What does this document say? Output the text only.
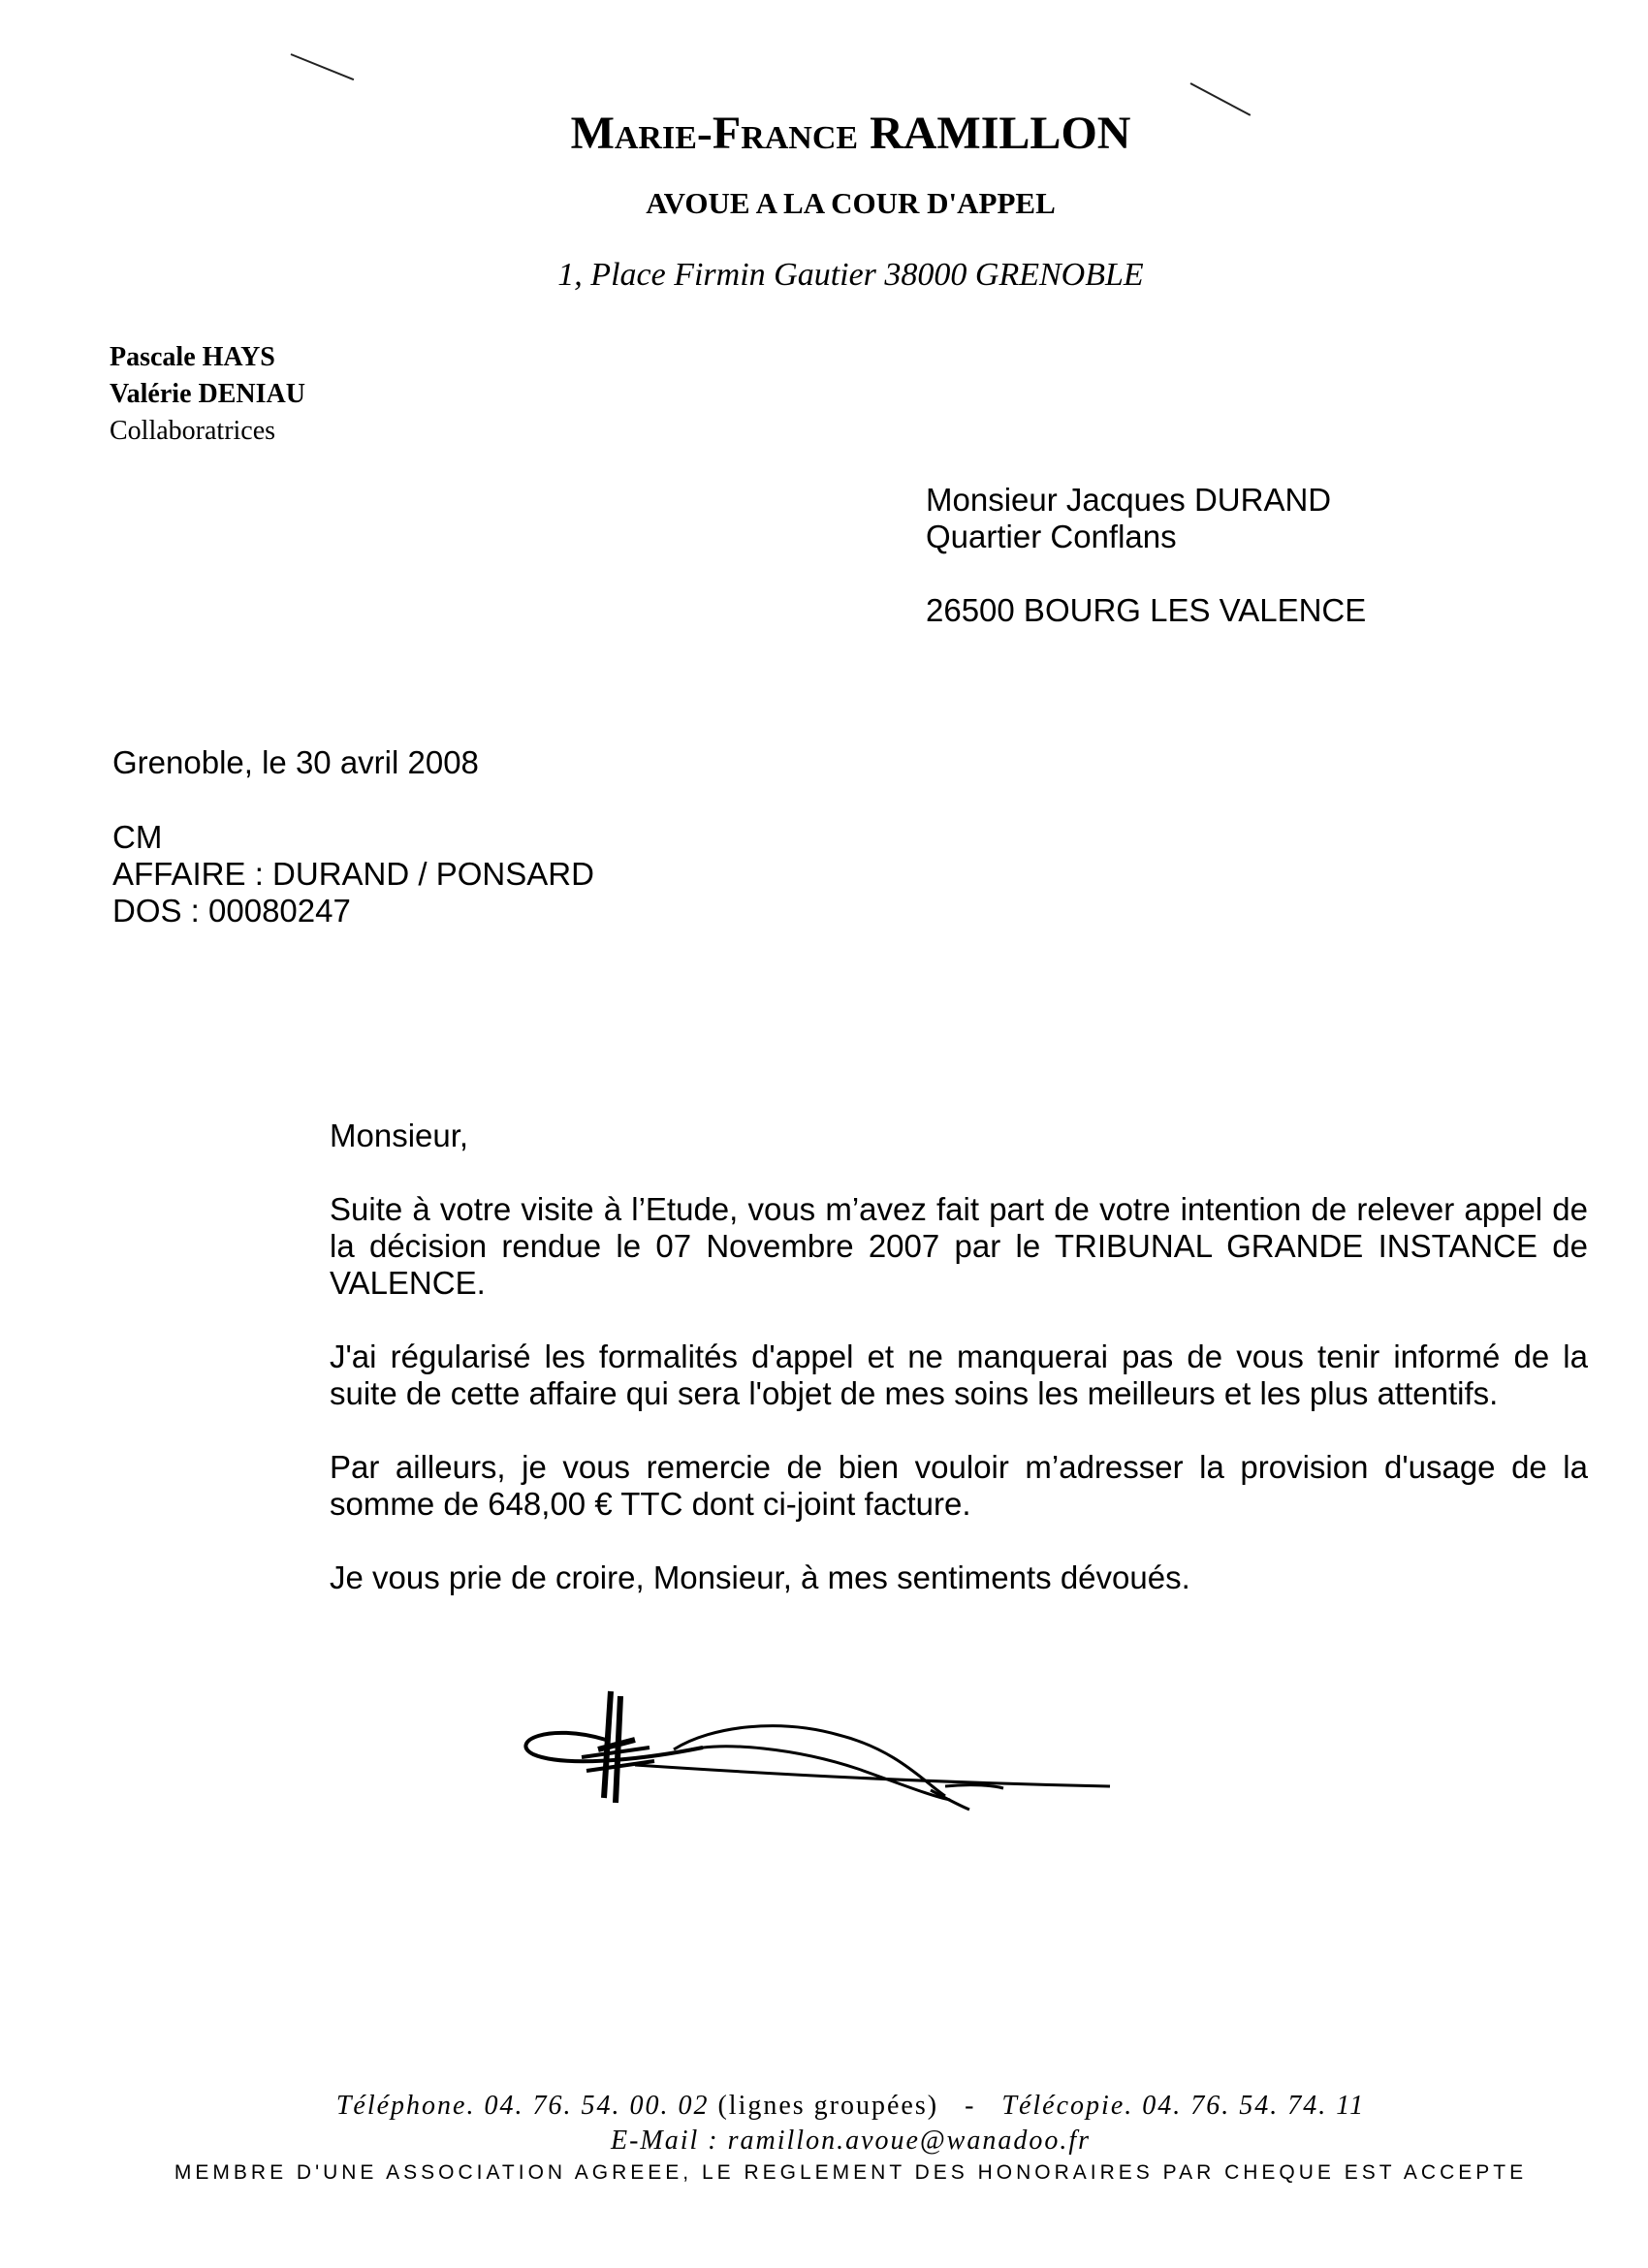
Marie-France RAMILLON
AVOUE A LA COUR D'APPEL
1, Place Firmin Gautier 38000 GRENOBLE
Pascale HAYS
Valérie DENIAU
Collaboratrices
Monsieur Jacques DURAND
Quartier Conflans
26500 BOURG LES VALENCE
Grenoble, le 30 avril 2008
CM
AFFAIRE : DURAND / PONSARD
DOS : 00080247

Monsieur,

Suite à votre visite à l’Etude, vous m’avez fait part de votre intention de relever appel de la décision rendue le 07 Novembre 2007 par le TRIBUNAL GRANDE INSTANCE de VALENCE.

J'ai régularisé les formalités d'appel et ne manquerai pas de vous tenir informé de la suite de cette affaire qui sera l'objet de mes soins les meilleurs et les plus attentifs.

Par ailleurs, je vous remercie de bien vouloir m’adresser la provision d'usage de la somme de 648,00 € TTC dont ci-joint facture.

Je vous prie de croire, Monsieur, à mes sentiments dévoués.

Téléphone. 04. 76. 54. 00. 02 (lignes groupées) - Télécopie. 04. 76. 54. 74. 11
E-Mail : ramillon.avoue@wanadoo.fr
MEMBRE D'UNE ASSOCIATION AGREEE, LE REGLEMENT DES HONORAIRES PAR CHEQUE EST ACCEPTE
